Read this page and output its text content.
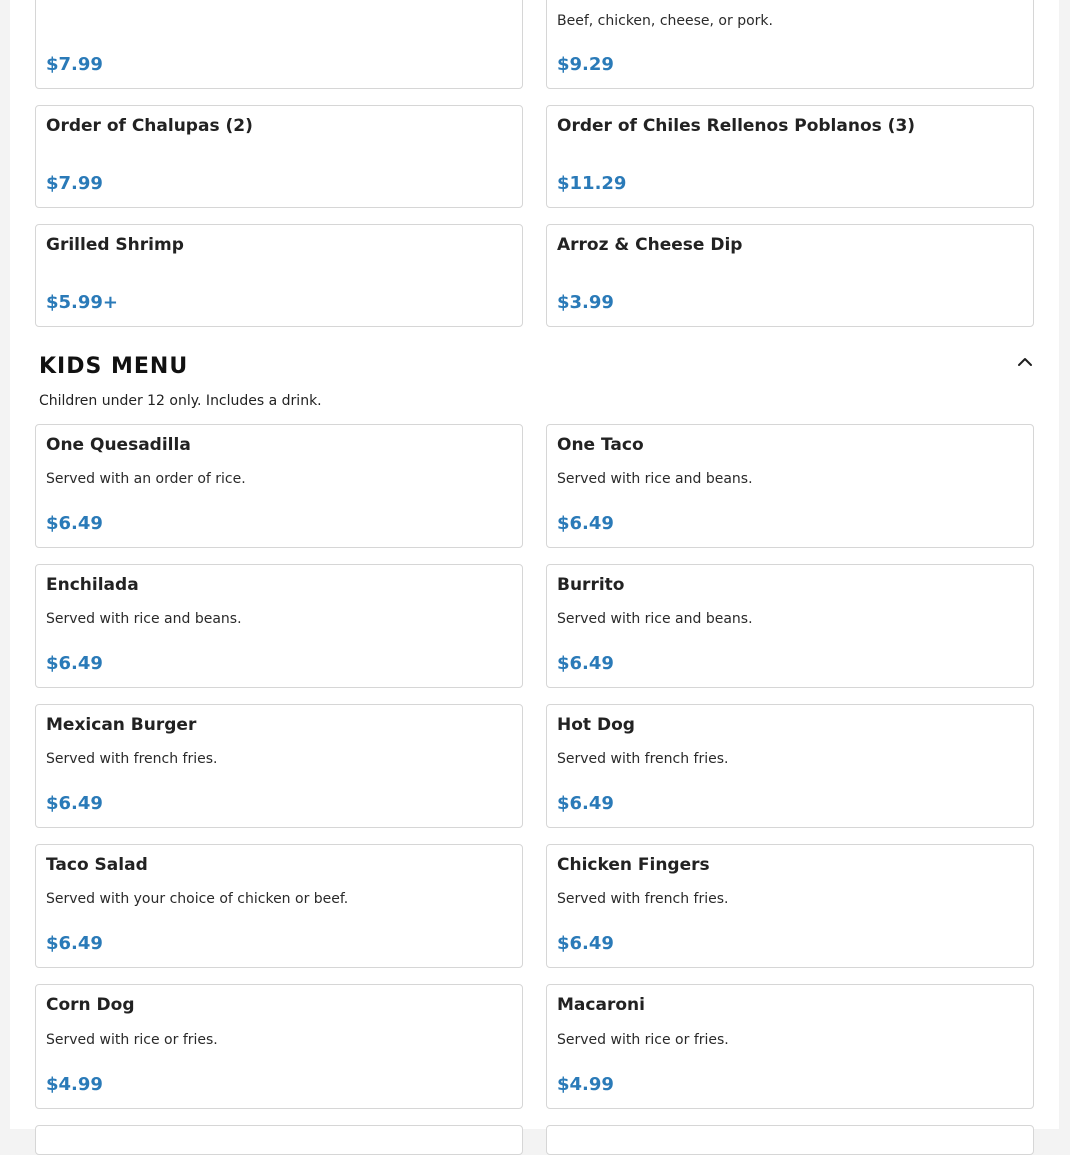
$7.99
Beef, chicken, cheese, or pork.
$9.29
Order of Chalupas (2)
$7.99
Order of Chiles Rellenos Poblanos (3)
$11.29
Grilled Shrimp
$5.99+
Arroz & Cheese Dip
$3.99
KIDS MENU
Children under 12 only. Includes a drink.
One Quesadilla
Served with an order of rice.
$6.49
One Taco
Served with rice and beans.
$6.49
Enchilada
Served with rice and beans.
$6.49
Burrito
Served with rice and beans.
$6.49
Mexican Burger
Served with french fries.
$6.49
Hot Dog
Served with french fries.
$6.49
Taco Salad
Served with your choice of chicken or beef.
$6.49
Chicken Fingers
Served with french fries.
$6.49
Corn Dog
Served with rice or fries.
$4.99
Macaroni
Served with rice or fries.
$4.99
